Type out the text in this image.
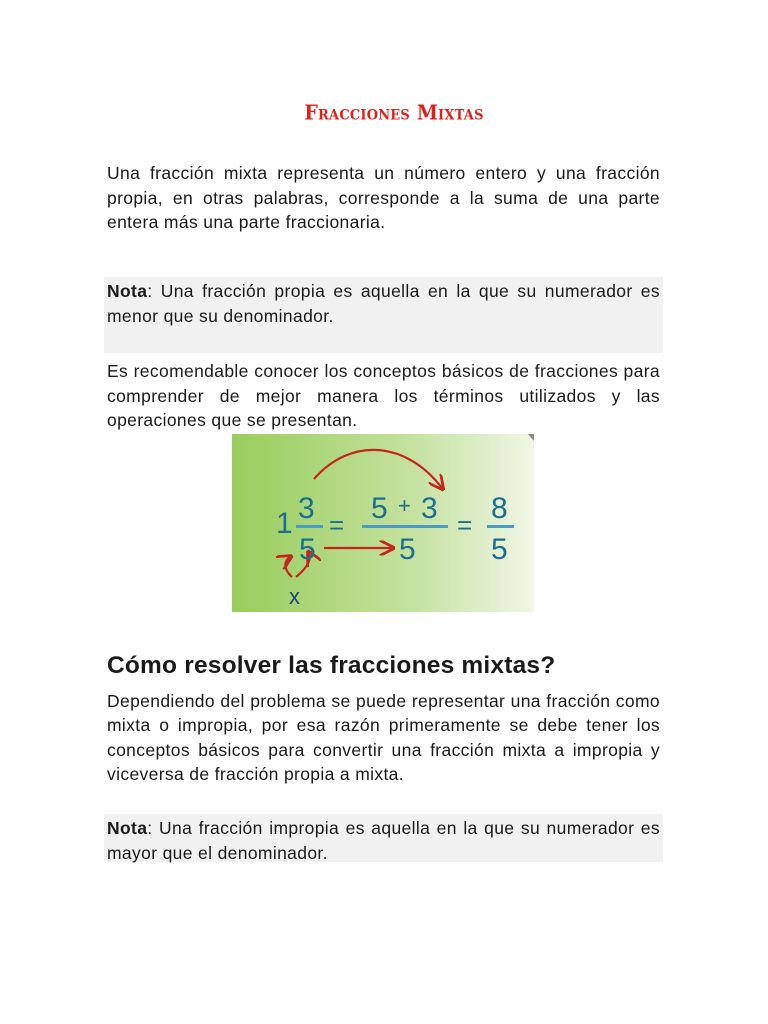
Fracciones Mixtas

Una fracción mixta representa un número entero y una fracción propia, en otras palabras, corresponde a la suma de una parte entera más una parte fraccionaria.

Nota: Una fracción propia es aquella en la que su numerador es menor que su denominador.

Es recomendable conocer los conceptos básicos de fracciones para comprender de mejor manera los términos utilizados y las operaciones que se presentan.

1 3
5
= 5 + 3
5
= 8
5
x
Cómo resolver las fracciones mixtas?

Dependiendo del problema se puede representar una fracción como mixta o impropia, por esa razón primeramente se debe tener los conceptos básicos para convertir una fracción mixta a impropia y viceversa de fracción propia a mixta.

Nota: Una fracción impropia es aquella en la que su numerador es mayor que el denominador.
